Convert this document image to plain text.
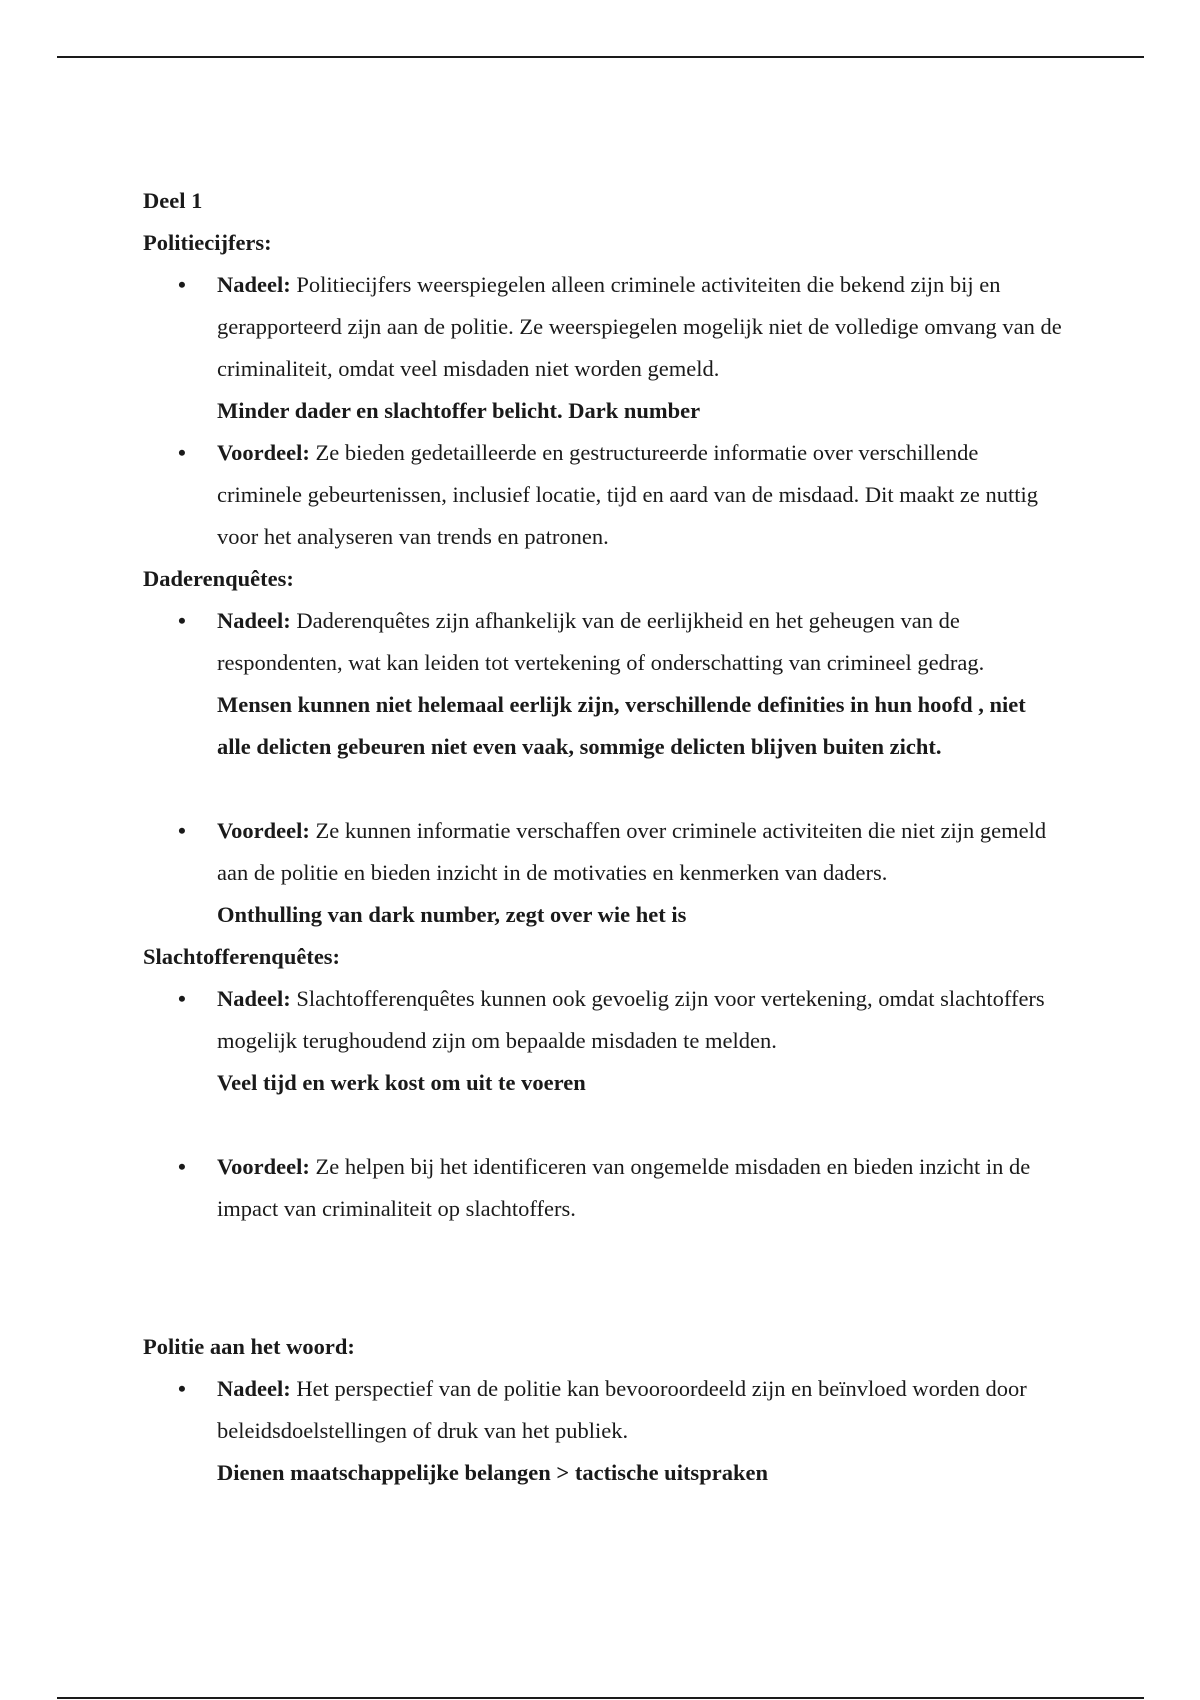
Deel 1

Politiecijfers:

• Nadeel: Politiecijfers weerspiegelen alleen criminele activiteiten die bekend zijn bij en gerapporteerd zijn aan de politie. Ze weerspiegelen mogelijk niet de volledige omvang van de criminaliteit, omdat veel misdaden niet worden gemeld.
Minder dader en slachtoffer belicht. Dark number
• Voordeel: Ze bieden gedetailleerde en gestructureerde informatie over verschillende criminele gebeurtenissen, inclusief locatie, tijd en aard van de misdaad. Dit maakt ze nuttig voor het analyseren van trends en patronen.

Daderenquêtes:

• Nadeel: Daderenquêtes zijn afhankelijk van de eerlijkheid en het geheugen van de respondenten, wat kan leiden tot vertekening of onderschatting van crimineel gedrag.
Mensen kunnen niet helemaal eerlijk zijn, verschillende definities in hun hoofd , niet alle delicten gebeuren niet even vaak, sommige delicten blijven buiten zicht.
• Voordeel: Ze kunnen informatie verschaffen over criminele activiteiten die niet zijn gemeld aan de politie en bieden inzicht in de motivaties en kenmerken van daders.
Onthulling van dark number, zegt over wie het is

Slachtofferenquêtes:

• Nadeel: Slachtofferenquêtes kunnen ook gevoelig zijn voor vertekening, omdat slachtoffers mogelijk terughoudend zijn om bepaalde misdaden te melden.
Veel tijd en werk kost om uit te voeren
• Voordeel: Ze helpen bij het identificeren van ongemelde misdaden en bieden inzicht in de impact van criminaliteit op slachtoffers.

Politie aan het woord:

• Nadeel: Het perspectief van de politie kan bevooroordeeld zijn en beïnvloed worden door beleidsdoelstellingen of druk van het publiek.
Dienen maatschappelijke belangen > tactische uitspraken
